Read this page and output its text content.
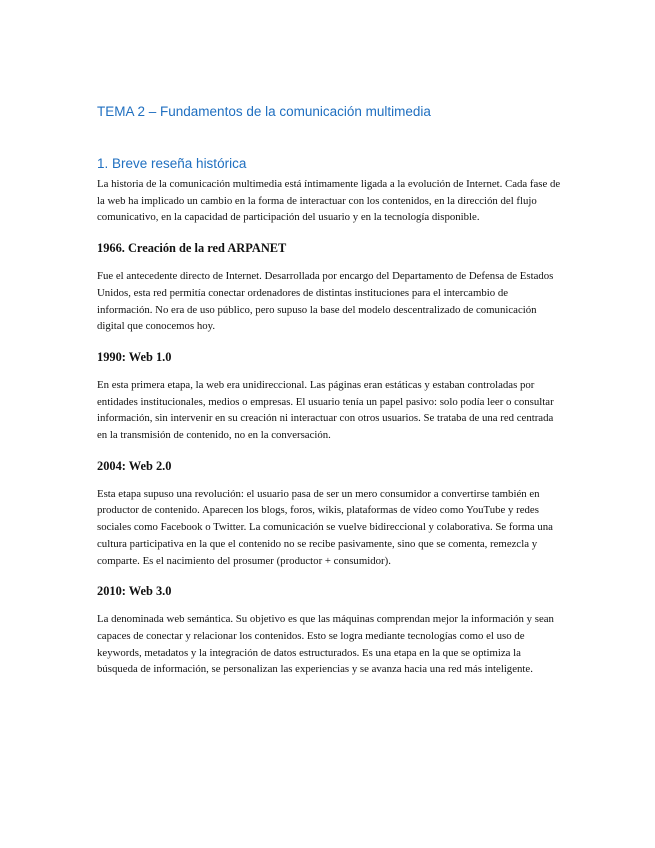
TEMA 2 – Fundamentos de la comunicación multimedia
1. Breve reseña histórica

La historia de la comunicación multimedia está íntimamente ligada a la evolución de Internet. Cada fase de la web ha implicado un cambio en la forma de interactuar con los contenidos, en la dirección del flujo comunicativo, en la capacidad de participación del usuario y en la tecnología disponible.

1966. Creación de la red ARPANET

Fue el antecedente directo de Internet. Desarrollada por encargo del Departamento de Defensa de Estados Unidos, esta red permitía conectar ordenadores de distintas instituciones para el intercambio de información. No era de uso público, pero supuso la base del modelo descentralizado de comunicación digital que conocemos hoy.

1990: Web 1.0

En esta primera etapa, la web era unidireccional. Las páginas eran estáticas y estaban controladas por entidades institucionales, medios o empresas. El usuario tenía un papel pasivo: solo podía leer o consultar información, sin intervenir en su creación ni interactuar con otros usuarios. Se trataba de una red centrada en la transmisión de contenido, no en la conversación.

2004: Web 2.0

Esta etapa supuso una revolución: el usuario pasa de ser un mero consumidor a convertirse también en productor de contenido. Aparecen los blogs, foros, wikis, plataformas de vídeo como YouTube y redes sociales como Facebook o Twitter. La comunicación se vuelve bidireccional y colaborativa. Se forma una cultura participativa en la que el contenido no se recibe pasivamente, sino que se comenta, remezcla y comparte. Es el nacimiento del prosumer (productor + consumidor).

2010: Web 3.0

La denominada web semántica. Su objetivo es que las máquinas comprendan mejor la información y sean capaces de conectar y relacionar los contenidos. Esto se logra mediante tecnologías como el uso de keywords, metadatos y la integración de datos estructurados. Es una etapa en la que se optimiza la búsqueda de información, se personalizan las experiencias y se avanza hacia una red más inteligente.
